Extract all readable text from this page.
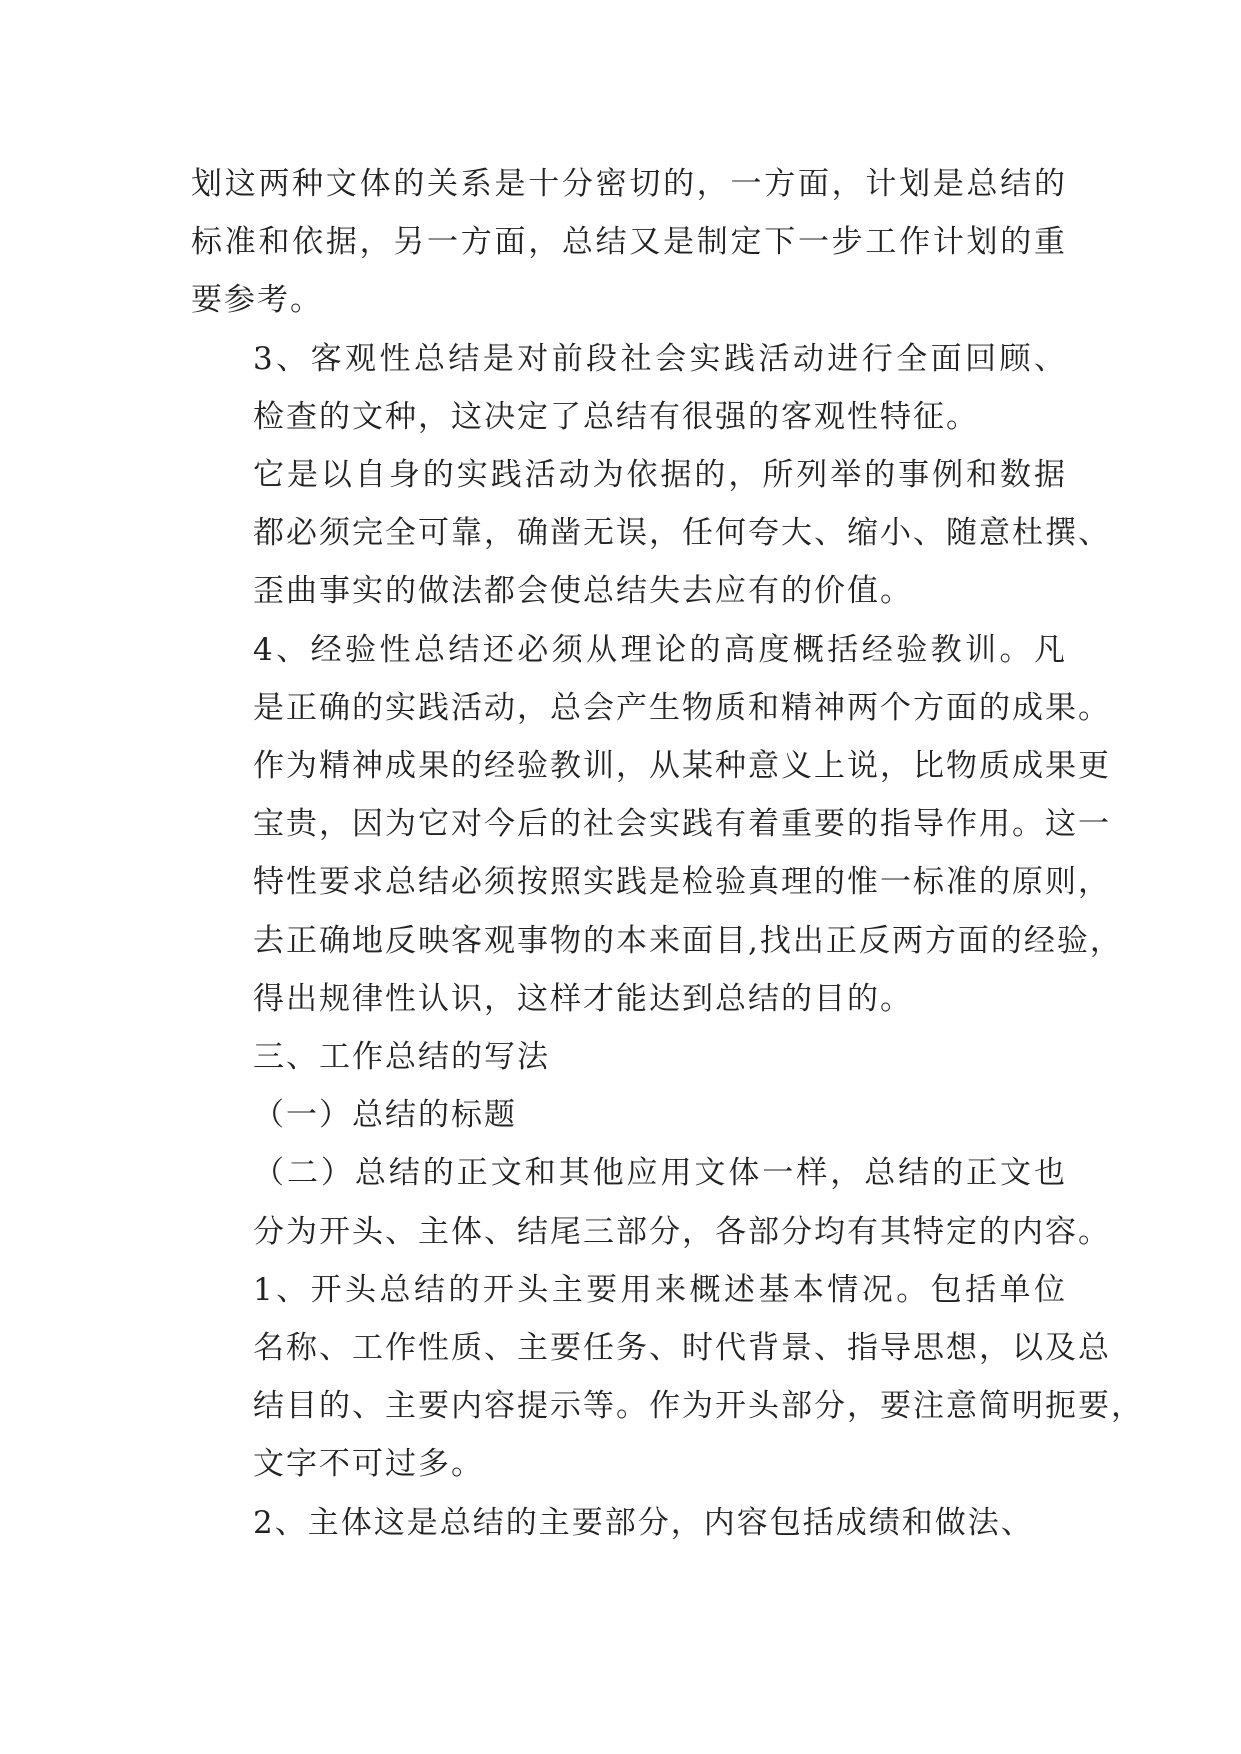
划这两种文体的关系是十分密切的，一方面，计划是总结的
标准和依据，另一方面，总结又是制定下一步工作计划的重
要参考。

3、客观性总结是对前段社会实践活动进行全面回顾、
检查的文种，这决定了总结有很强的客观性特征。

它是以自身的实践活动为依据的，所列举的事例和数据
都必须完全可靠，确凿无误，任何夸大、缩小、随意杜撰、
歪曲事实的做法都会使总结失去应有的价值。

4、经验性总结还必须从理论的高度概括经验教训。凡
是正确的实践活动，总会产生物质和精神两个方面的成果。
作为精神成果的经验教训，从某种意义上说，比物质成果更
宝贵，因为它对今后的社会实践有着重要的指导作用。这一
特性要求总结必须按照实践是检验真理的惟一标准的原则，
去正确地反映客观事物的本来面目,找出正反两方面的经验，
得出规律性认识，这样才能达到总结的目的。

三、工作总结的写法

（一）总结的标题

（二）总结的正文和其他应用文体一样，总结的正文也
分为开头、主体、结尾三部分，各部分均有其特定的内容。

1、开头总结的开头主要用来概述基本情况。包括单位
名称、工作性质、主要任务、时代背景、指导思想，以及总
结目的、主要内容提示等。作为开头部分，要注意简明扼要，
文字不可过多。

2、主体这是总结的主要部分，内容包括成绩和做法、
